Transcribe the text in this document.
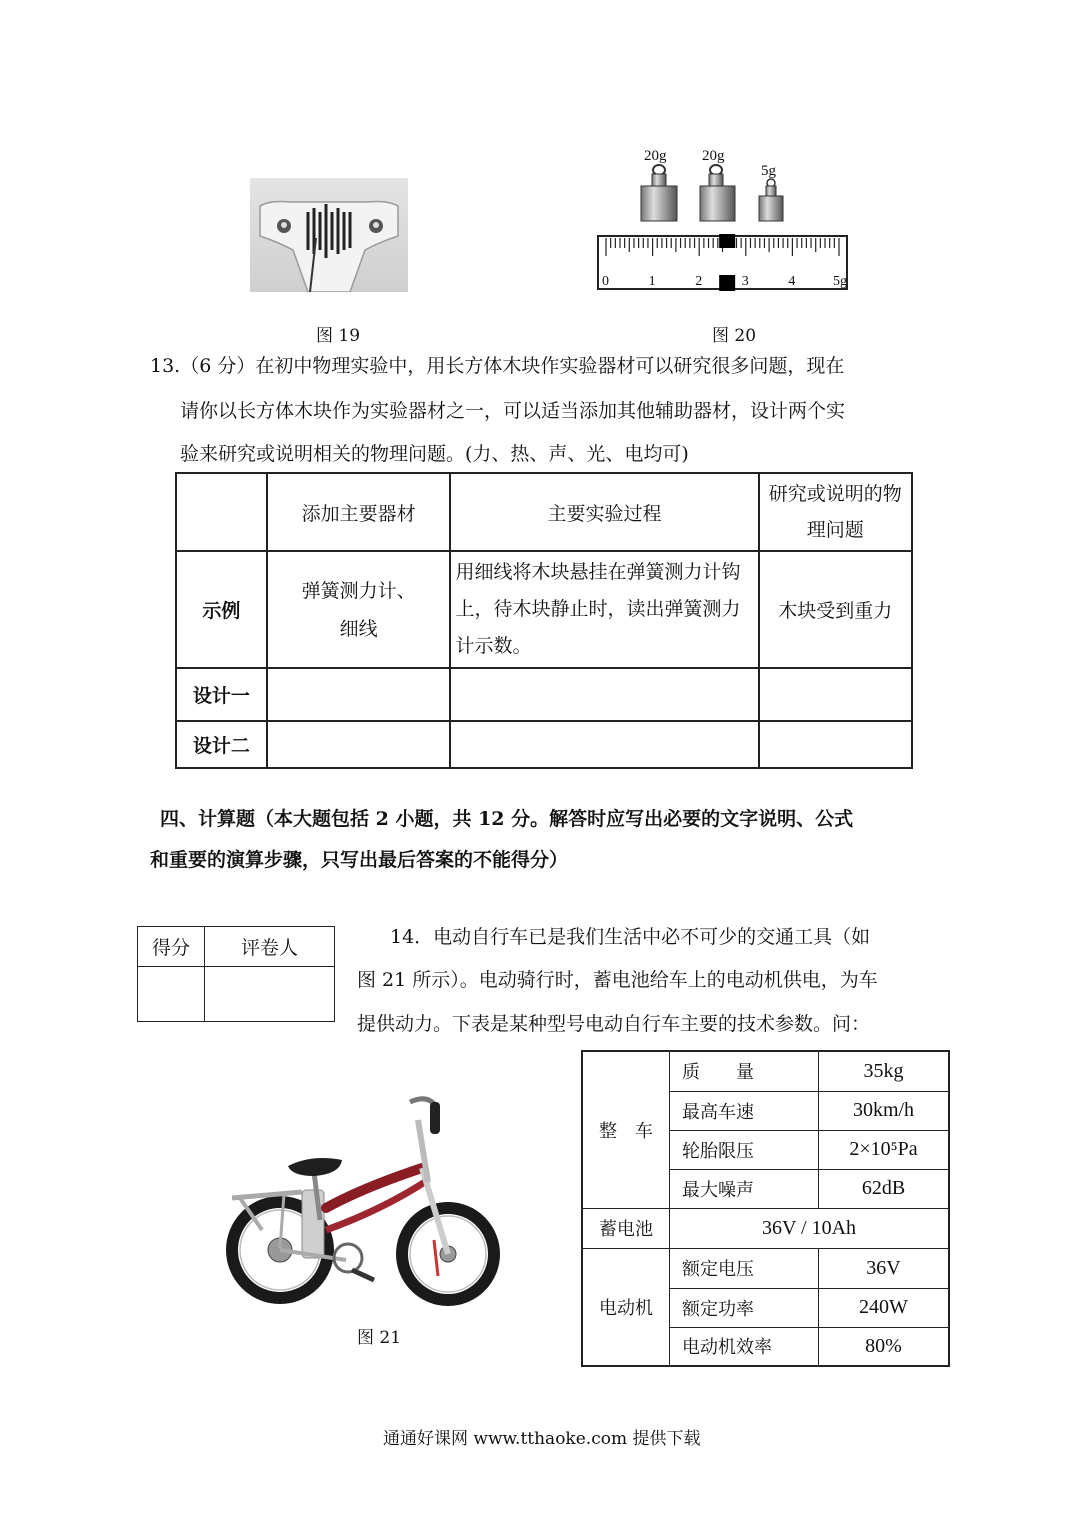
图 19
20g 20g
5g
0	1	2	3	4	5g
图 20
13.（6 分）在初中物理实验中，用长方体木块作实验器材可以研究很多问题，现在
请你以长方体木块作为实验器材之一，可以适当添加其他辅助器材，设计两个实
验来研究或说明相关的物理问题。(力、热、声、光、电均可)
	添加主要器材	主要实验过程	研究或说明的物理问题
示例	弹簧测力计、细线	用细线将木块悬挂在弹簧测力计钩上，待木块静止时，读出弹簧测力计示数。	木块受到重力
设计一			
设计二			
四、计算题（本大题包括 2 小题，共 12 分。解答时应写出必要的文字说明、公式
和重要的演算步骤，只写出最后答案的不能得分）
得分	评卷人
		14．电动自行车已是我们生活中必不可少的交通工具（如
图 21 所示）。电动骑行时，蓄电池给车上的电动机供电，为车
提供动力。下表是某种型号电动自行车主要的技术参数。问：
图 21
整　车	质　　量	35kg
	最高车速	30km/h
	轮胎限压	2×10⁵Pa
	最大噪声	62dB
蓄电池	36V / 10Ah	
电动机	额定电压	36V
	额定功率	240W
	电动机效率	80%
通通好课网 www.tthaoke.com 提供下载
